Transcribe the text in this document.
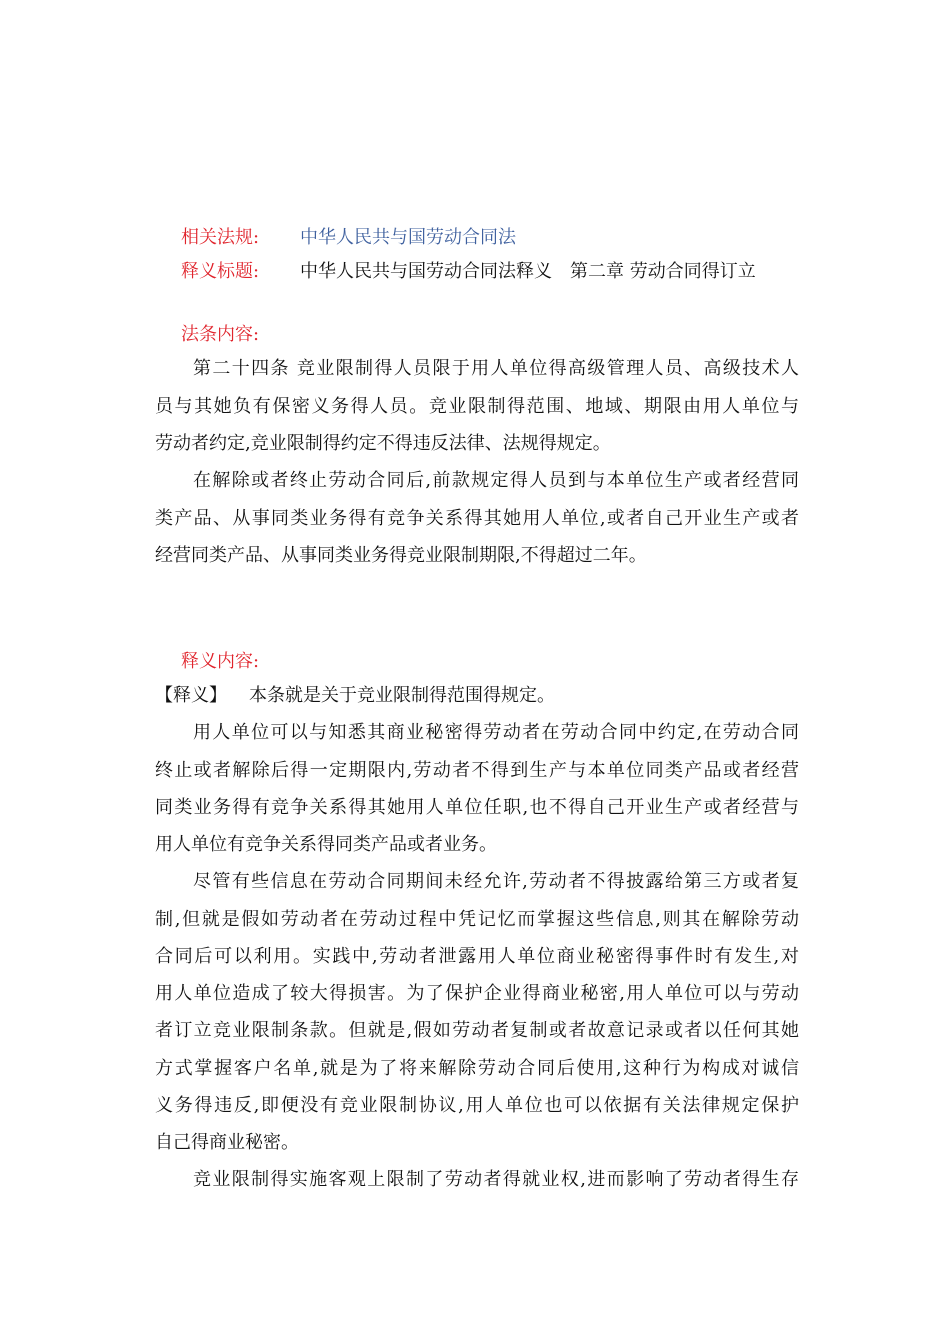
相关法规: 中华人民共与国劳动合同法
释义标题: 中华人民共与国劳动合同法释义　第二章 劳动合同得订立
法条内容:
第二十四条 竞业限制得人员限于用人单位得高级管理人员、高级技术人
员与其她负有保密义务得人员。竞业限制得范围、地域、期限由用人单位与
劳动者约定,竞业限制得约定不得违反法律、法规得规定。
在解除或者终止劳动合同后,前款规定得人员到与本单位生产或者经营同
类产品、从事同类业务得有竞争关系得其她用人单位,或者自己开业生产或者
经营同类产品、从事同类业务得竞业限制期限,不得超过二年。
释义内容:
【释义】 本条就是关于竞业限制得范围得规定。
用人单位可以与知悉其商业秘密得劳动者在劳动合同中约定,在劳动合同
终止或者解除后得一定期限内,劳动者不得到生产与本单位同类产品或者经营
同类业务得有竞争关系得其她用人单位任职,也不得自己开业生产或者经营与
用人单位有竞争关系得同类产品或者业务。
尽管有些信息在劳动合同期间未经允许,劳动者不得披露给第三方或者复
制,但就是假如劳动者在劳动过程中凭记忆而掌握这些信息,则其在解除劳动
合同后可以利用。实践中,劳动者泄露用人单位商业秘密得事件时有发生,对
用人单位造成了较大得损害。为了保护企业得商业秘密,用人单位可以与劳动
者订立竞业限制条款。但就是,假如劳动者复制或者故意记录或者以任何其她
方式掌握客户名单,就是为了将来解除劳动合同后使用,这种行为构成对诚信
义务得违反,即便没有竞业限制协议,用人单位也可以依据有关法律规定保护
自己得商业秘密。
竞业限制得实施客观上限制了劳动者得就业权,进而影响了劳动者得生存
